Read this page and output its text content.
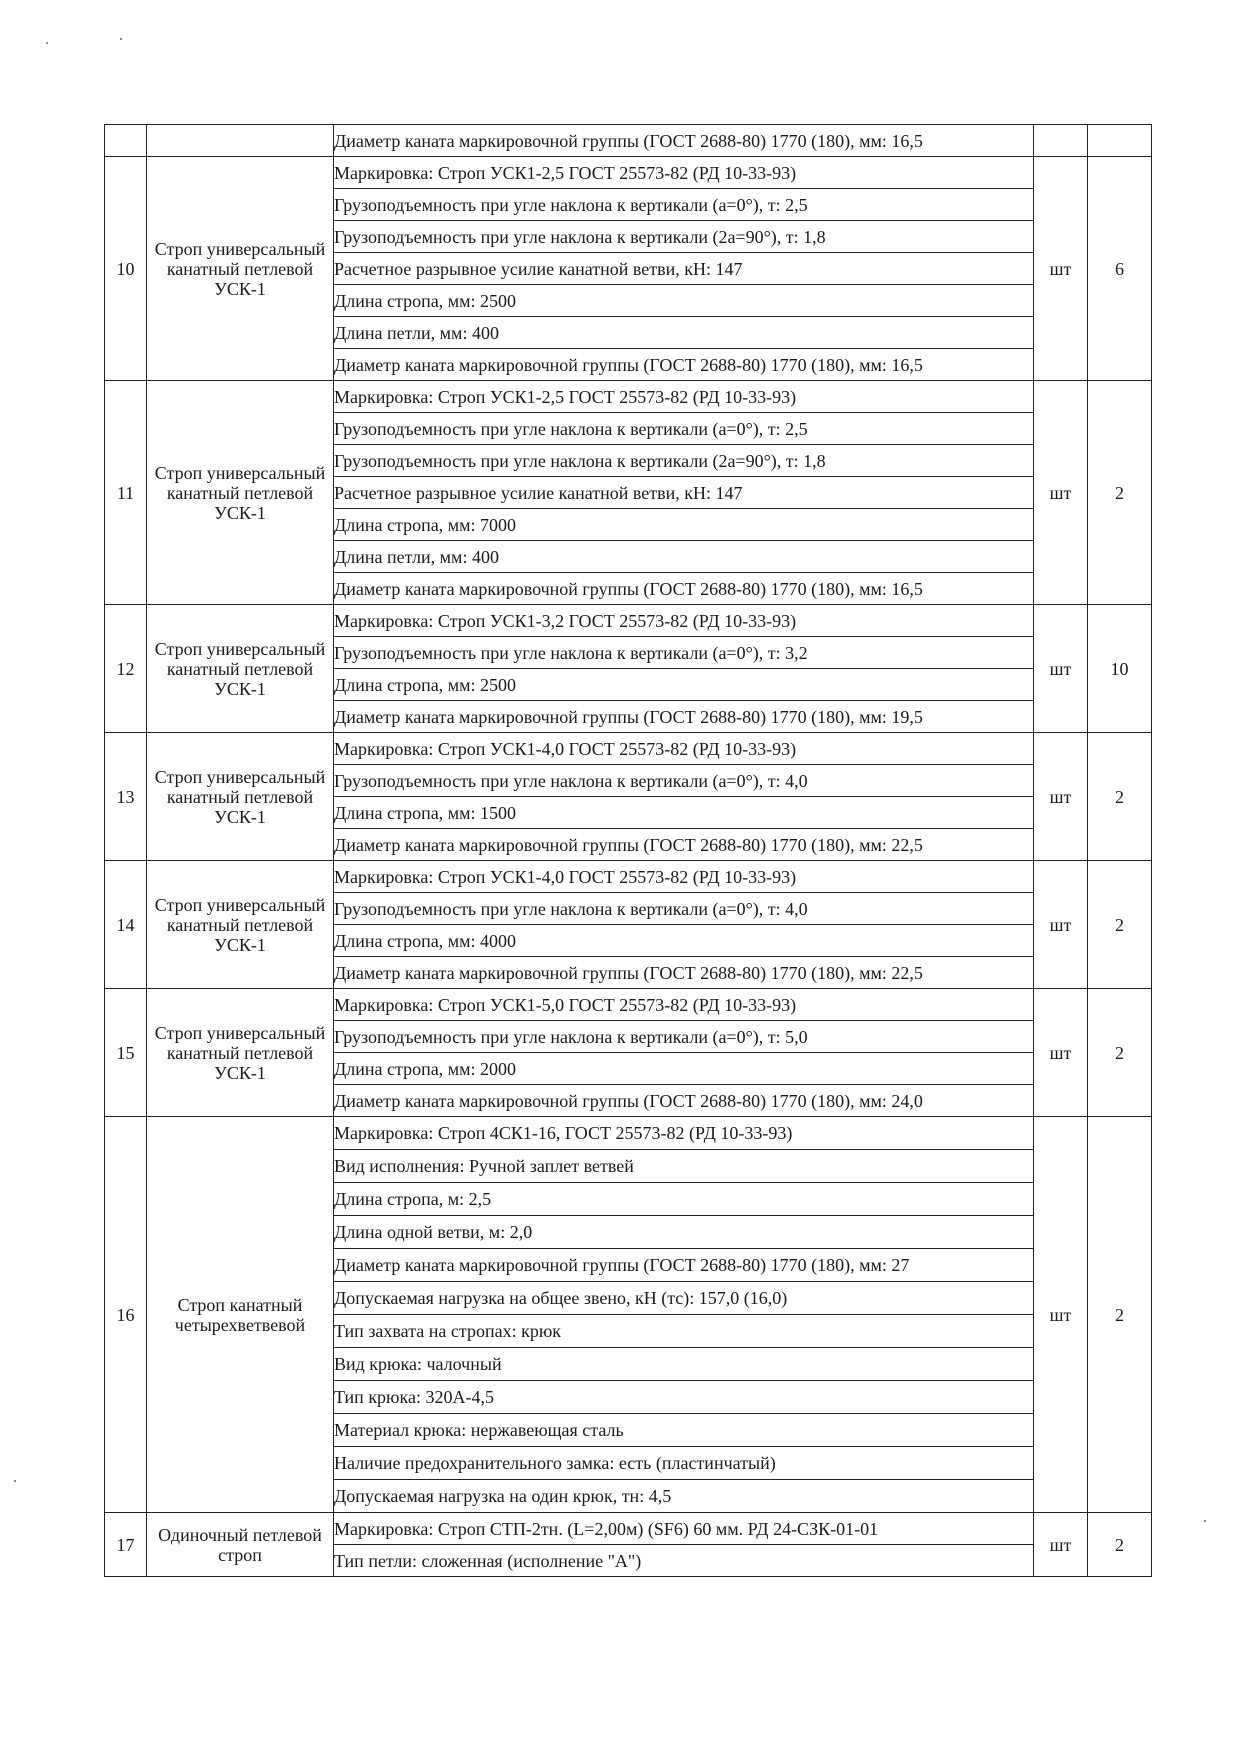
		Диаметр каната маркировочной группы (ГОСТ 2688-80) 1770 (180), мм: 16,5		
10	Строп универсальный канатный петлевой УСК-1	Маркировка: Строп УСК1-2,5 ГОСТ 25573-82 (РД 10-33-93)	шт	6
		Грузоподъемность при угле наклона к вертикали (a=0°), т: 2,5		
		Грузоподъемность при угле наклона к вертикали (2a=90°), т: 1,8		
		Расчетное разрывное усилие канатной ветви, кН: 147		
		Длина стропа, мм: 2500		
		Длина петли, мм: 400		
		Диаметр каната маркировочной группы (ГОСТ 2688-80) 1770 (180), мм: 16,5		
11	Строп универсальный канатный петлевой УСК-1	Маркировка: Строп УСК1-2,5 ГОСТ 25573-82 (РД 10-33-93)	шт	2
		Грузоподъемность при угле наклона к вертикали (a=0°), т: 2,5		
		Грузоподъемность при угле наклона к вертикали (2a=90°), т: 1,8		
		Расчетное разрывное усилие канатной ветви, кН: 147		
		Длина стропа, мм: 7000		
		Длина петли, мм: 400		
		Диаметр каната маркировочной группы (ГОСТ 2688-80) 1770 (180), мм: 16,5		
12	Строп универсальный канатный петлевой УСК-1	Маркировка: Строп УСК1-3,2 ГОСТ 25573-82 (РД 10-33-93)	шт	10
		Грузоподъемность при угле наклона к вертикали (a=0°), т: 3,2		
		Длина стропа, мм: 2500		
		Диаметр каната маркировочной группы (ГОСТ 2688-80) 1770 (180), мм: 19,5		
13	Строп универсальный канатный петлевой УСК-1	Маркировка: Строп УСК1-4,0 ГОСТ 25573-82 (РД 10-33-93)	шт	2
		Грузоподъемность при угле наклона к вертикали (a=0°), т: 4,0		
		Длина стропа, мм: 1500		
		Диаметр каната маркировочной группы (ГОСТ 2688-80) 1770 (180), мм: 22,5		
14	Строп универсальный канатный петлевой УСК-1	Маркировка: Строп УСК1-4,0 ГОСТ 25573-82 (РД 10-33-93)	шт	2
		Грузоподъемность при угле наклона к вертикали (a=0°), т: 4,0		
		Длина стропа, мм: 4000		
		Диаметр каната маркировочной группы (ГОСТ 2688-80) 1770 (180), мм: 22,5		
15	Строп универсальный канатный петлевой УСК-1	Маркировка: Строп УСК1-5,0 ГОСТ 25573-82 (РД 10-33-93)	шт	2
		Грузоподъемность при угле наклона к вертикали (a=0°), т: 5,0		
		Длина стропа, мм: 2000		
		Диаметр каната маркировочной группы (ГОСТ 2688-80) 1770 (180), мм: 24,0		
16	Строп канатный четырехветвевой	Маркировка: Строп 4СК1-16, ГОСТ 25573-82 (РД 10-33-93)	шт	2
		Вид исполнения: Ручной заплет ветвей		
		Длина стропа, м: 2,5		
		Длина одной ветви, м: 2,0		
		Диаметр каната маркировочной группы (ГОСТ 2688-80) 1770 (180), мм: 27		
		Допускаемая нагрузка на общее звено, кН (тс): 157,0 (16,0)		
		Тип захвата на стропах: крюк		
		Вид крюка: чалочный		
		Тип крюка: 320А-4,5		
		Материал крюка: нержавеющая сталь		
		Наличие предохранительного замка: есть (пластинчатый)		
		Допускаемая нагрузка на один крюк, тн: 4,5		
17	Одиночный петлевой строп	Маркировка: Строп СТП-2тн. (L=2,00м) (SF6) 60 мм. РД 24-СЗК-01-01	шт	2
		Тип петли: сложенная (исполнение "А")		
